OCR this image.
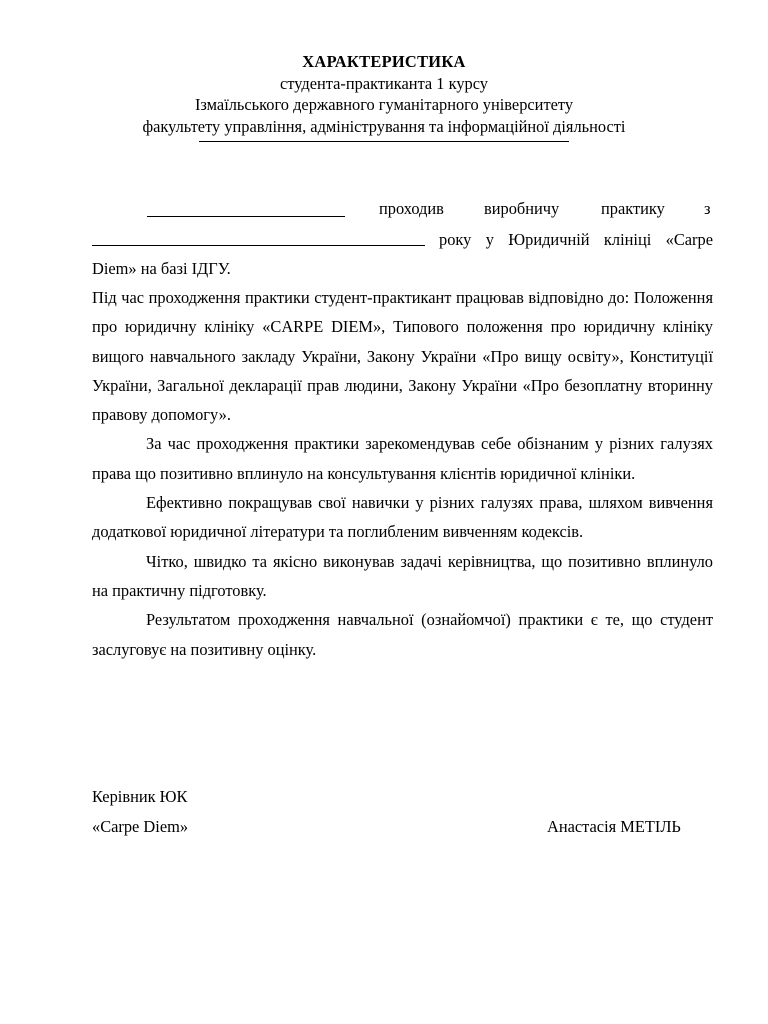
ХАРАКТЕРИСТИКА
студента-практиканта 1 курсу
Ізмаїльського державного гуманітарного університету
факультету управління, адміністрування та інформаційної діяльності
проходив виробничу	практику з
року у Юридичній клініці «Carpe
Diem» на базі ІДГУ.

Під час проходження практики студент-практикант працював відповідно до: Положення про юридичну клініку «CARPE DIEM», Типового положення про юридичну клініку вищого навчального закладу України, Закону України «Про вищу освіту», Конституції України, Загальної декларації прав людини, Закону України «Про безоплатну вторинну правову допомогу».

За час проходження практики зарекомендував себе обізнаним у різних галузях права що позитивно вплинуло на консультування клієнтів юридичної клініки.

Ефективно покращував свої навички у різних галузях права, шляхом вивчення додаткової юридичної літератури та поглибленим вивченням кодексів.

Чітко, швидко та якісно виконував задачі керівництва, що позитивно вплинуло на практичну підготовку.

Результатом проходження навчальної (ознайомчої) практики є те, що студент заслуговує на позитивну оцінку.

Керівник ЮК
«Carpe Diem»	Анастасія МЕТІЛЬ
